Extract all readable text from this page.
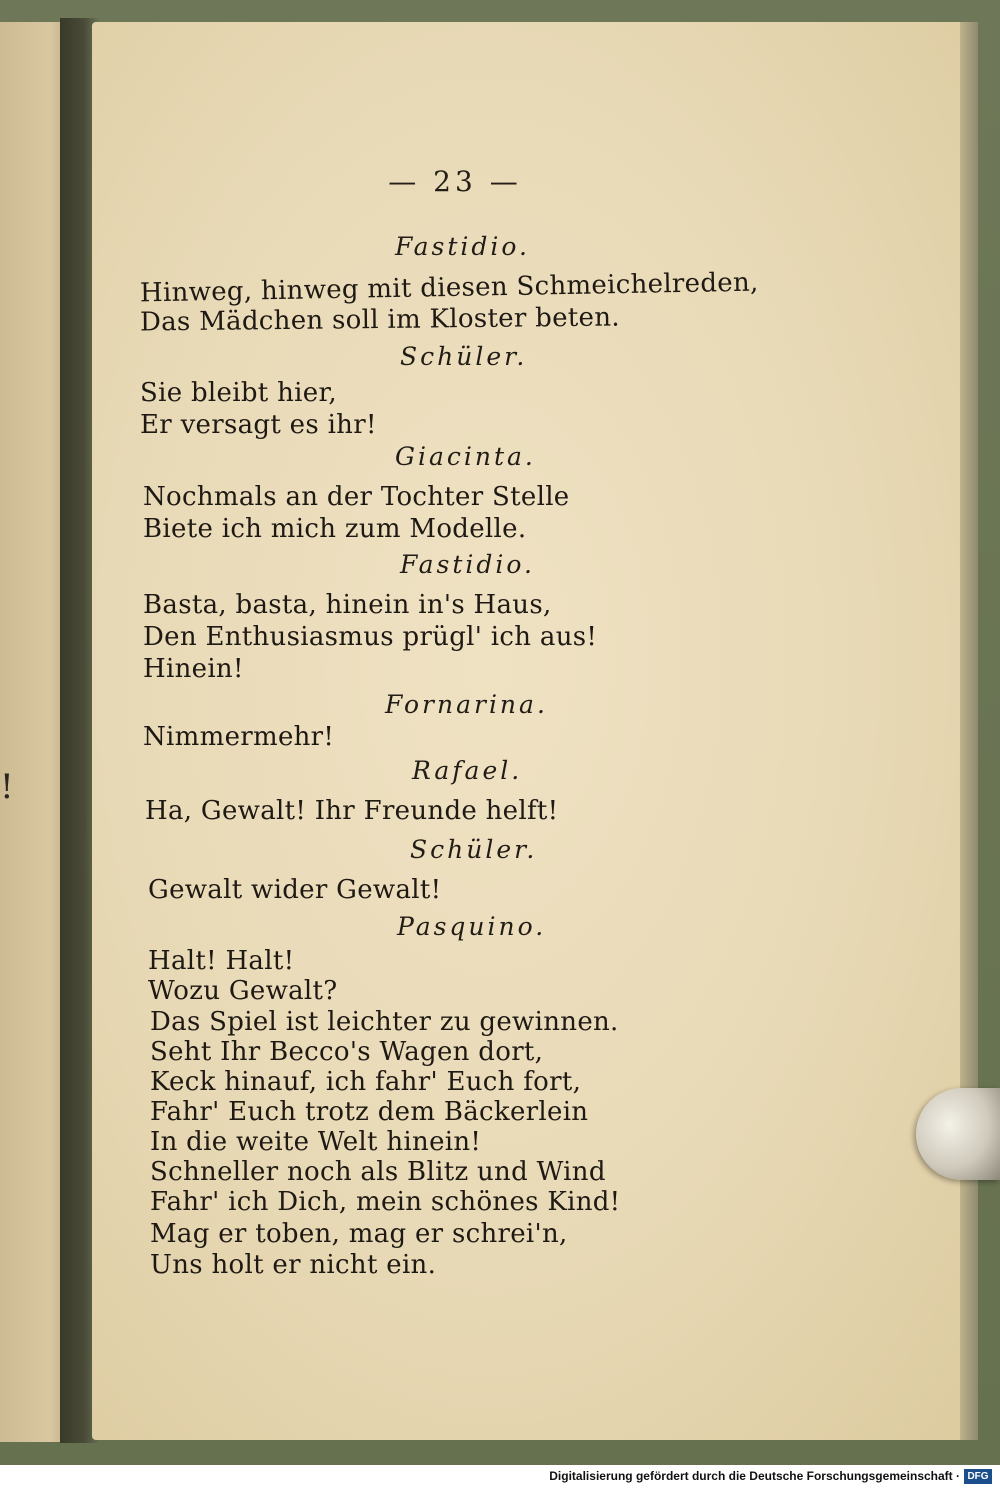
!
— 23 —
Fastidio.
Hinweg, hinweg mit diesen Schmeichelreden,
Das Mädchen soll im Kloster beten.
Schüler.
Sie bleibt hier,
Er versagt es ihr!
Giacinta.
Nochmals an der Tochter Stelle
Biete ich mich zum Modelle.
Fastidio.
Basta, basta, hinein in's Haus,
Den Enthusiasmus prügl' ich aus!
Hinein!
Fornarina.
Nimmermehr!
Rafael.
Ha, Gewalt! Ihr Freunde helft!
Schüler.
Gewalt wider Gewalt!
Pasquino.
Halt! Halt!
Wozu Gewalt?
Das Spiel ist leichter zu gewinnen.
Seht Ihr Becco's Wagen dort,
Keck hinauf, ich fahr' Euch fort,
Fahr' Euch trotz dem Bäckerlein
In die weite Welt hinein!
Schneller noch als Blitz und Wind
Fahr' ich Dich, mein schönes Kind!
Mag er toben, mag er schrei'n,
Uns holt er nicht ein.
Digitalisierung gefördert durch die Deutsche Forschungsgemeinschaft · DFG
